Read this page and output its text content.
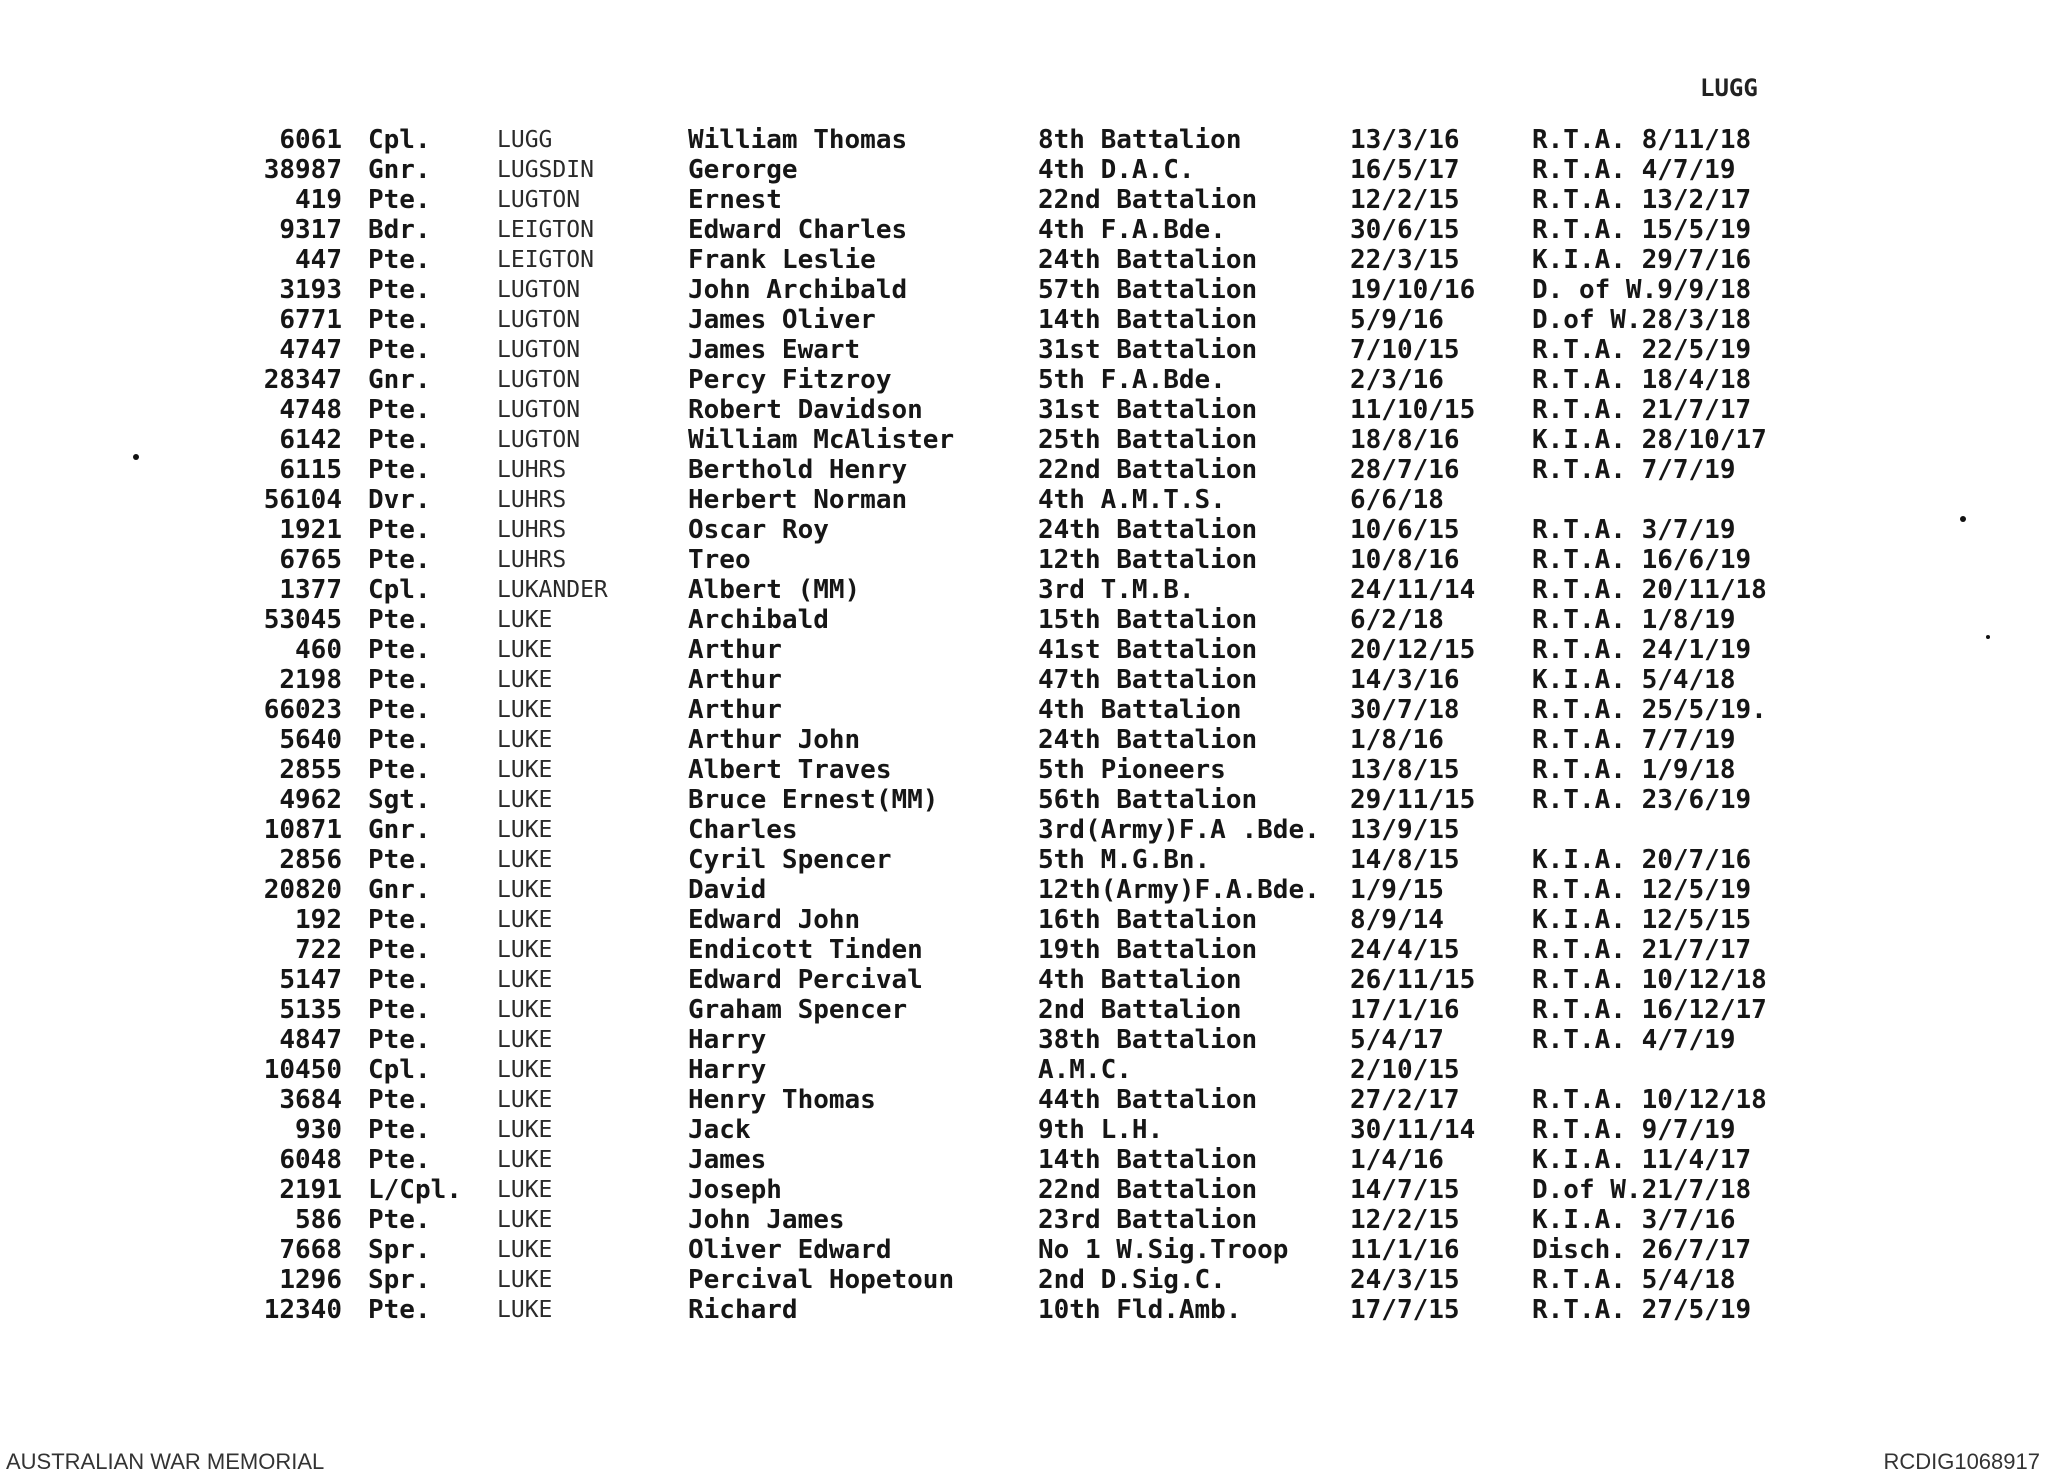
LUGG
6061 Cpl.	LUGG	William Thomas	8th Battalion	13/3/16	R.T.A. 8/11/18
38987 Gnr.	LUGSDIN	Gerorge	4th D.A.C.	16/5/17	R.T.A. 4/7/19
419 Pte.	LUGTON	Ernest	22nd Battalion	12/2/15	R.T.A. 13/2/17
9317 Bdr.	LEIGTON	Edward Charles	4th F.A.Bde.	30/6/15	R.T.A. 15/5/19
447 Pte.	LEIGTON	Frank Leslie	24th Battalion	22/3/15	K.I.A. 29/7/16
3193 Pte.	LUGTON	John Archibald	57th Battalion	19/10/16 D. of W.9/9/18
6771 Pte.	LUGTON	James Oliver	14th Battalion	5/9/16	D.of W.28/3/18
4747 Pte.	LUGTON	James Ewart	31st Battalion	7/10/15	R.T.A. 22/5/19
28347 Gnr.	LUGTON	Percy Fitzroy	5th F.A.Bde.	2/3/16	R.T.A. 18/4/18
4748 Pte.	LUGTON	Robert Davidson	31st Battalion	11/10/15 R.T.A. 21/7/17
6142 Pte.	LUGTON	William McAlister	25th Battalion	18/8/16	K.I.A. 28/10/17
6115 Pte.	LUHRS	Berthold Henry	22nd Battalion	28/7/16	R.T.A. 7/7/19
56104 Dvr.	LUHRS	Herbert Norman	4th A.M.T.S.	6/6/18
1921 Pte.	LUHRS	Oscar Roy	24th Battalion	10/6/15	R.T.A. 3/7/19
6765 Pte.	LUHRS	Treo	12th Battalion	10/8/16	R.T.A. 16/6/19
1377 Cpl.	LUKANDER	Albert (MM)	3rd T.M.B.	24/11/14 R.T.A. 20/11/18
53045 Pte.	LUKE	Archibald	15th Battalion	6/2/18	R.T.A. 1/8/19
460 Pte.	LUKE	Arthur	41st Battalion	20/12/15 R.T.A. 24/1/19
2198 Pte.	LUKE	Arthur	47th Battalion	14/3/16	K.I.A. 5/4/18
66023 Pte.	LUKE	Arthur	4th Battalion	30/7/18	R.T.A. 25/5/19.
5640 Pte.	LUKE	Arthur John	24th Battalion	1/8/16	R.T.A. 7/7/19
2855 Pte.	LUKE	Albert Traves	5th Pioneers	13/8/15	R.T.A. 1/9/18
4962 Sgt.	LUKE	Bruce Ernest(MM)	56th Battalion	29/11/15 R.T.A. 23/6/19
10871 Gnr.	LUKE	Charles	3rd(Army)F.A .Bde. 13/9/15
2856 Pte.	LUKE	Cyril Spencer	5th M.G.Bn.	14/8/15	K.I.A. 20/7/16
20820 Gnr.	LUKE	David	12th(Army)F.A.Bde. 1/9/15	R.T.A. 12/5/19
192 Pte.	LUKE	Edward John	16th Battalion	8/9/14	K.I.A. 12/5/15
722 Pte.	LUKE	Endicott Tinden	19th Battalion	24/4/15	R.T.A. 21/7/17
5147 Pte.	LUKE	Edward Percival	4th Battalion	26/11/15 R.T.A. 10/12/18
5135 Pte.	LUKE	Graham Spencer	2nd Battalion	17/1/16	R.T.A. 16/12/17
4847 Pte.	LUKE	Harry	38th Battalion	5/4/17	R.T.A. 4/7/19
10450 Cpl.	LUKE	Harry	A.M.C.	2/10/15
3684 Pte.	LUKE	Henry Thomas	44th Battalion	27/2/17	R.T.A. 10/12/18
930 Pte.	LUKE	Jack	9th L.H.	30/11/14 R.T.A. 9/7/19
6048 Pte.	LUKE	James	14th Battalion	1/4/16	K.I.A. 11/4/17
2191 L/Cpl. LUKE	Joseph	22nd Battalion	14/7/15	D.of W.21/7/18
586 Pte.	LUKE	John James	23rd Battalion	12/2/15	K.I.A. 3/7/16
7668 Spr.	LUKE	Oliver Edward	No 1 W.Sig.Troop 11/1/16	Disch. 26/7/17
1296 Spr.	LUKE	Percival Hopetoun	2nd D.Sig.C.	24/3/15	R.T.A. 5/4/18
12340 Pte.	LUKE	Richard	10th Fld.Amb.	17/7/15	R.T.A. 27/5/19
AUSTRALIAN WAR MEMORIAL	RCDIG1068917
